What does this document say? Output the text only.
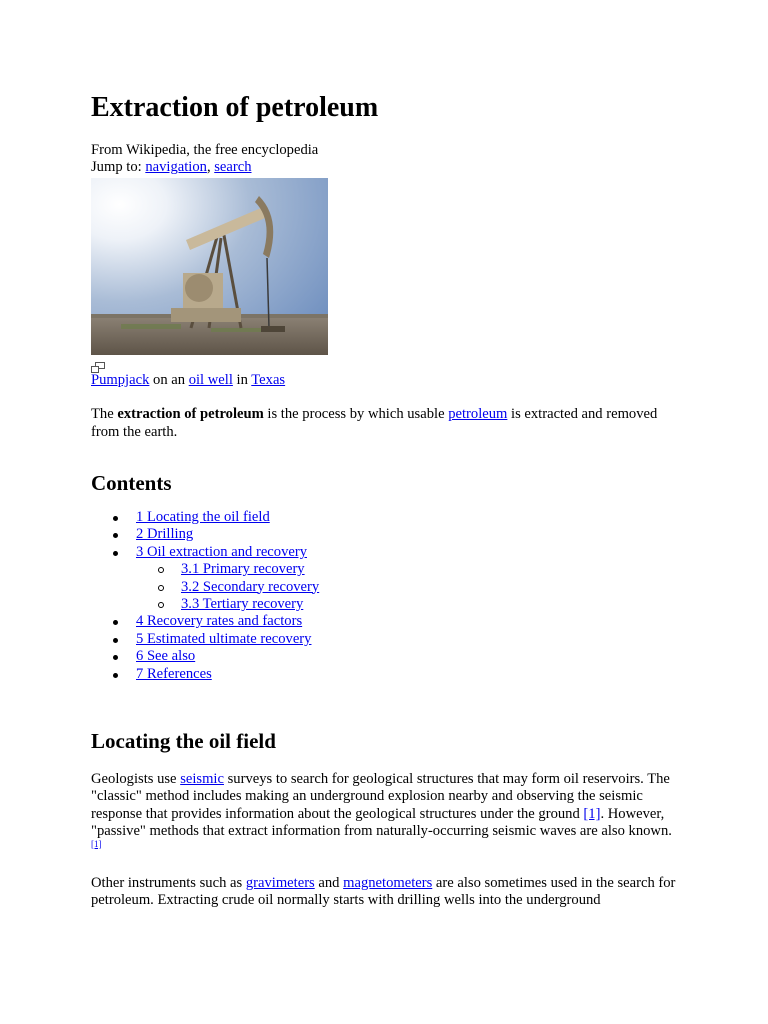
Extraction of petroleum
From Wikipedia, the free encyclopedia
Jump to: navigation, search
Pumpjack on an oil well in Texas

The extraction of petroleum is the process by which usable petroleum is extracted and removed from the earth.

Contents
1 Locating the oil field
2 Drilling
3 Oil extraction and recovery
3.1 Primary recovery
3.2 Secondary recovery
3.3 Tertiary recovery
4 Recovery rates and factors
5 Estimated ultimate recovery
6 See also
7 References
Locating the oil field

Geologists use seismic surveys to search for geological structures that may form oil reservoirs. The "classic" method includes making an underground explosion nearby and observing the seismic response that provides information about the geological structures under the ground [1]. However, "passive" methods that extract information from naturally-occurring seismic waves are also known.[1]

Other instruments such as gravimeters and magnetometers are also sometimes used in the search for petroleum. Extracting crude oil normally starts with drilling wells into the underground
